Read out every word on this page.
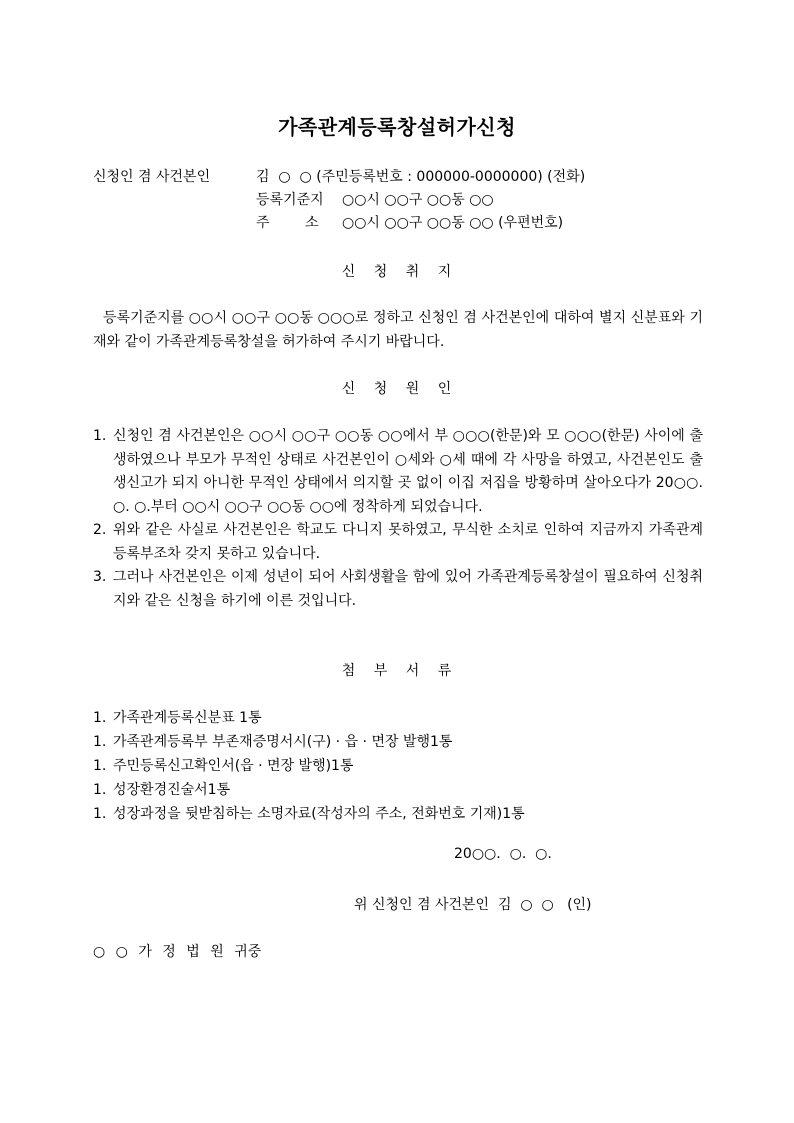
가족관계등록창설허가신청
신청인 겸 사건본인	김  ○  ○ (주민등록번호 : 000000-0000000) (전화)
등록기준지	○○시 ○○구 ○○동 ○○
주        소	○○시 ○○구 ○○동 ○○ (우편번호)
신 청 취 지
등록기준지를 ○○시 ○○구 ○○동 ○○○로 정하고 신청인 겸 사건본인에 대하여 별지 신분표와 기재와 같이 가족관계등록창설을 허가하여 주시기 바랍니다.
신 청 원 인
1. 신청인 겸 사건본인은 ○○시 ○○구 ○○동 ○○에서 부 ○○○(한문)와 모 ○○○(한문) 사이에 출생하였으나 부모가 무적인 상태로 사건본인이 ○세와 ○세 때에 각 사망을 하였고, 사건본인도 출생신고가 되지 아니한 무적인 상태에서 의지할 곳 없이 이집 저집을 방황하며 살아오다가 20○○. ○. ○.부터 ○○시 ○○구 ○○동 ○○에 정착하게 되었습니다.
2. 위와 같은 사실로 사건본인은 학교도 다니지 못하였고, 무식한 소치로 인하여 지금까지 가족관계등록부조차 갖지 못하고 있습니다.
3. 그러나 사건본인은 이제 성년이 되어 사회생활을 함에 있어 가족관계등록창설이 필요하여 신청취지와 같은 신청을 하기에 이른 것입니다.
첨 부 서 류
1. 가족관계등록신분표 1통
1. 가족관계등록부 부존재증명서시(구) · 읍 · 면장 발행1통
1. 주민등록신고확인서(읍 · 면장 발행)1통
1. 성장환경진술서1통
1. 성장과정을 뒷받침하는 소명자료(작성자의 주소, 전화번호 기재)1통
20○○.  ○.  ○.
위 신청인 겸 사건본인  김  ○  ○   (인)
○ ○ 가 정 법 원 귀중
